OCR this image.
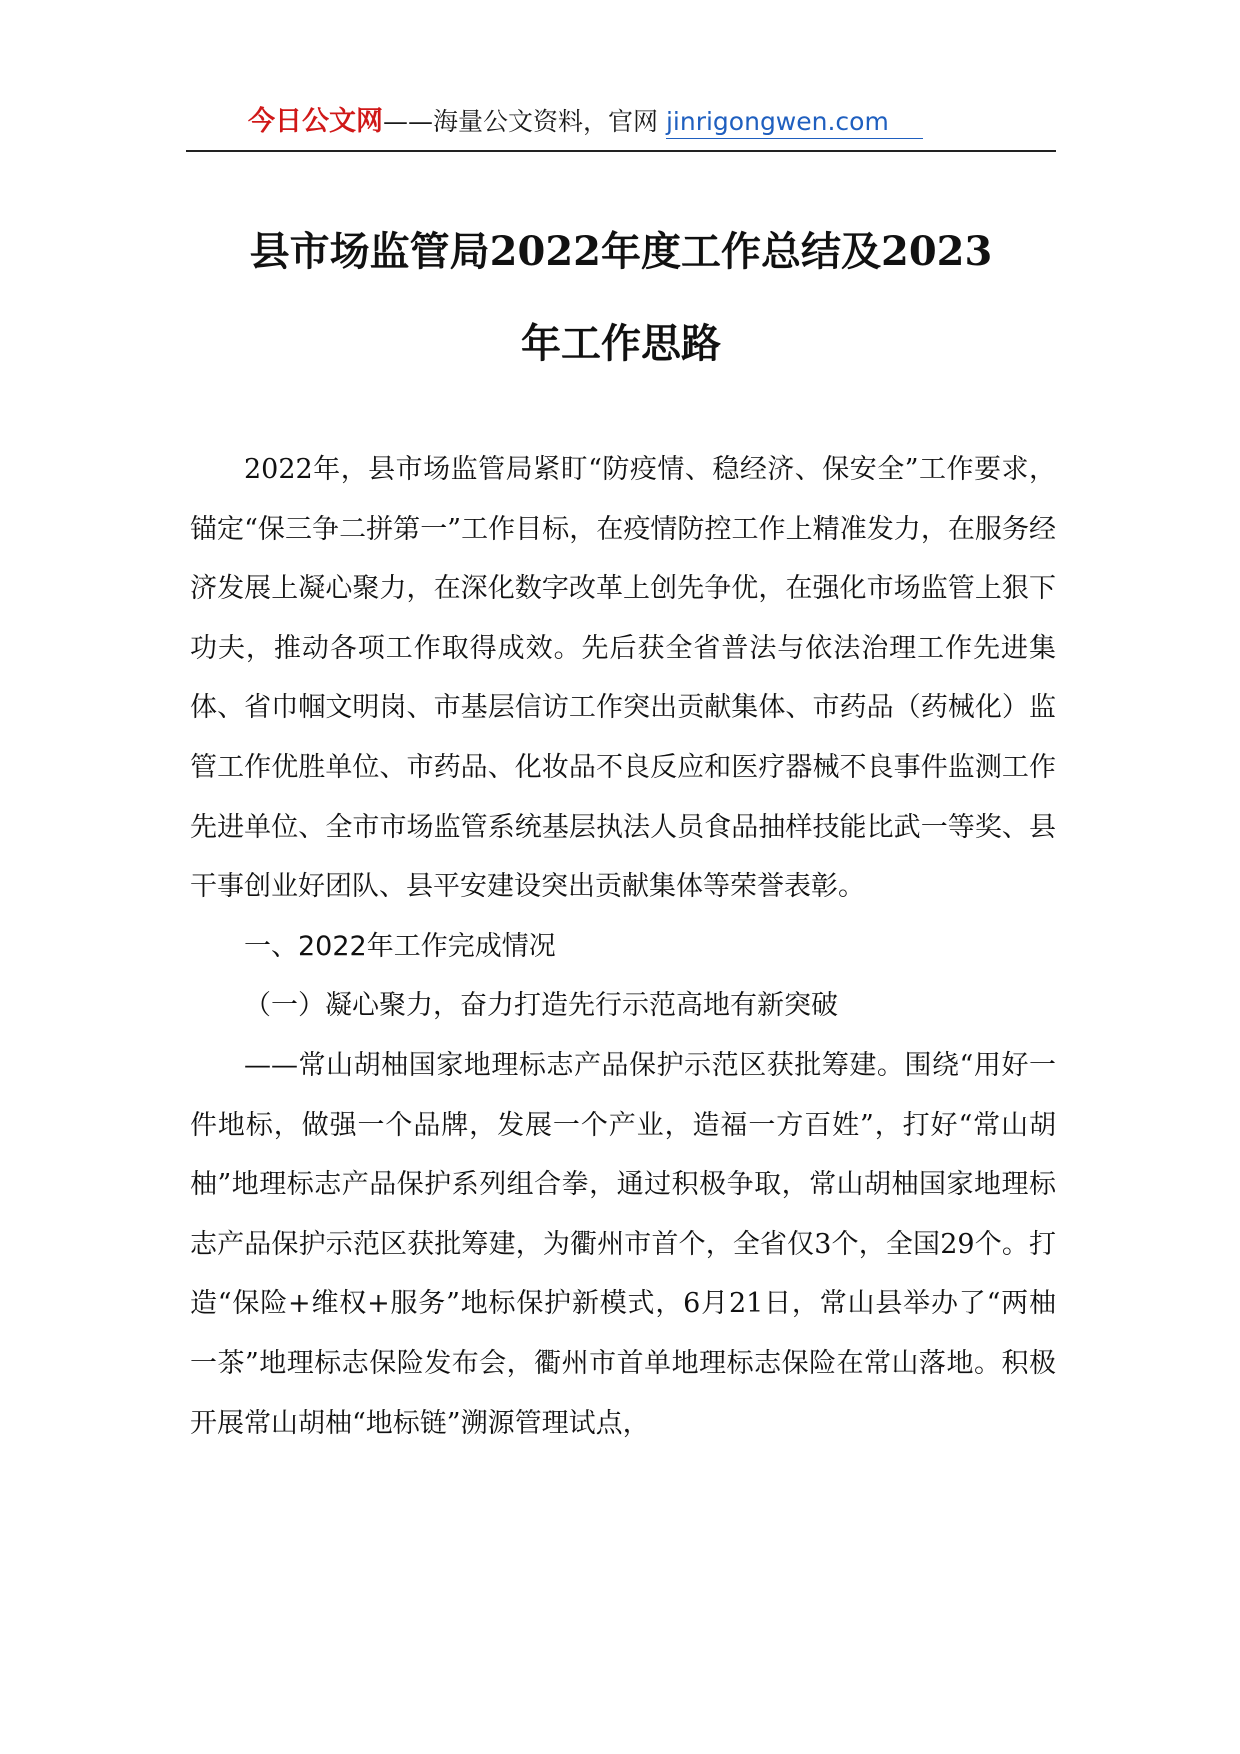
今日公文网——海量公文资料，官网 jinrigongwen.com
县市场监管局2022年度工作总结及2023
年工作思路

2022年，县市场监管局紧盯“防疫情、稳经济、保安全”工作要求，锚定“保三争二拼第一”工作目标，在疫情防控工作上精准发力，在服务经济发展上凝心聚力，在深化数字改革上创先争优，在强化市场监管上狠下功夫，推动各项工作取得成效。先后获全省普法与依法治理工作先进集体、省巾帼文明岗、市基层信访工作突出贡献集体、市药品（药械化）监管工作优胜单位、市药品、化妆品不良反应和医疗器械不良事件监测工作先进单位、全市市场监管系统基层执法人员食品抽样技能比武一等奖、县干事创业好团队、县平安建设突出贡献集体等荣誉表彰。

一、2022年工作完成情况

（一）凝心聚力，奋力打造先行示范高地有新突破

——常山胡柚国家地理标志产品保护示范区获批筹建。围绕“用好一件地标，做强一个品牌，发展一个产业，造福一方百姓”，打好“常山胡柚”地理标志产品保护系列组合拳，通过积极争取，常山胡柚国家地理标志产品保护示范区获批筹建，为衢州市首个，全省仅3个，全国29个。打造“保险+维权+服务”地标保护新模式，6月21日，常山县举办了“两柚一茶”地理标志保险发布会，衢州市首单地理标志保险在常山落地。积极开展常山胡柚“地标链”溯源管理试点，
